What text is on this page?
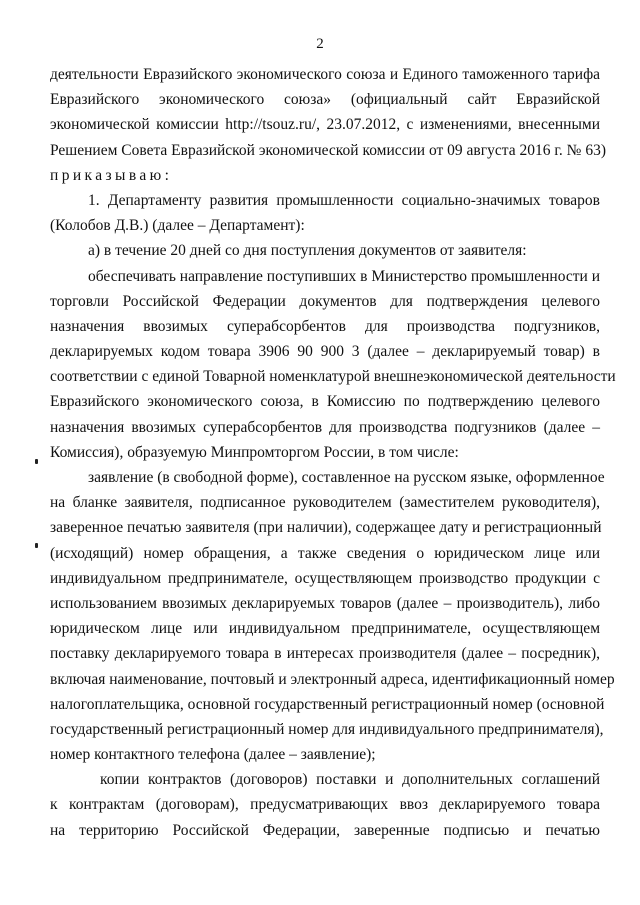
2
деятельности Евразийского экономического союза и Единого таможенного тарифа
Евразийского экономического союза» (официальный сайт Евразийской
экономической комиссии http://tsouz.ru/, 23.07.2012, с изменениями, внесенными
Решением Совета Евразийской экономической комиссии от 09 августа 2016 г. № 63)
приказываю:
1. Департаменту развития промышленности социально-значимых товаров
(Колобов Д.В.) (далее – Департамент):
а) в течение 20 дней со дня поступления документов от заявителя:
обеспечивать направление поступивших в Министерство промышленности и
торговли Российской Федерации документов для подтверждения целевого
назначения ввозимых суперабсорбентов для производства подгузников,
декларируемых кодом товара 3906 90 900 3 (далее – декларируемый товар) в
соответствии с единой Товарной номенклатурой внешнеэкономической деятельности
Евразийского экономического союза, в Комиссию по подтверждению целевого
назначения ввозимых суперабсорбентов для производства подгузников (далее –
Комиссия), образуемую Минпромторгом России, в том числе:
заявление (в свободной форме), составленное на русском языке, оформленное
на бланке заявителя, подписанное руководителем (заместителем руководителя),
заверенное печатью заявителя (при наличии), содержащее дату и регистрационный
(исходящий) номер обращения, а также сведения о юридическом лице или
индивидуальном предпринимателе, осуществляющем производство продукции с
использованием ввозимых декларируемых товаров (далее – производитель), либо
юридическом лице или индивидуальном предпринимателе, осуществляющем
поставку декларируемого товара в интересах производителя (далее – посредник),
включая наименование, почтовый и электронный адреса, идентификационный номер
налогоплательщика, основной государственный регистрационный номер (основной
государственный регистрационный номер для индивидуального предпринимателя),
номер контактного телефона (далее – заявление);
копии контрактов (договоров) поставки и дополнительных соглашений
к контрактам (договорам), предусматривающих ввоз декларируемого товара
на территорию Российской Федерации, заверенные подписью и печатью
